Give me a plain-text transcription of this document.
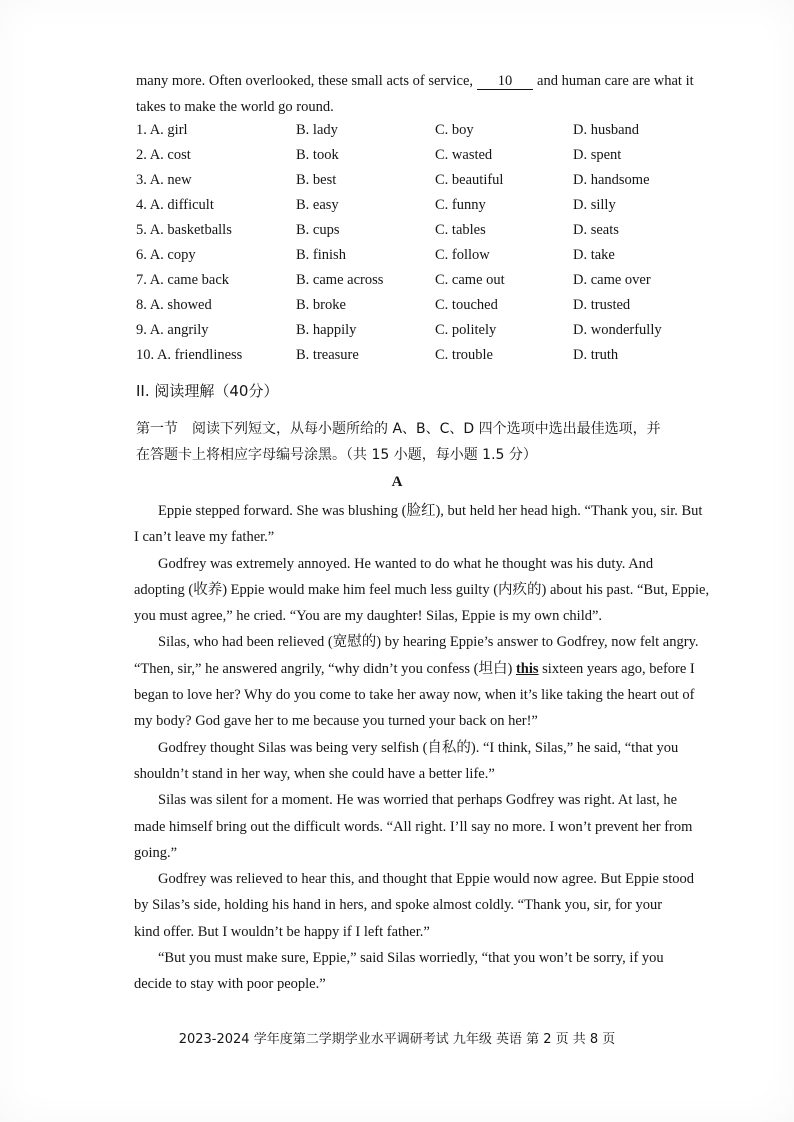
many more. Often overlooked, these small acts of service, 10 and human care are what it
takes to make the world go round.
1. A. girl	B. lady	C. boy	D. husband
2. A. cost	B. took	C. wasted	D. spent
3. A. new	B. best	C. beautiful	D. handsome
4. A. difficult	B. easy	C. funny	D. silly
5. A. basketballs	B. cups	C. tables	D. seats
6. A. copy	B. finish	C. follow	D. take
7. A. came back	B. came across	C. came out	D. came over
8. A. showed	B. broke	C. touched	D. trusted
9. A. angrily	B. happily	C. politely	D. wonderfully
10. A. friendliness	B. treasure	C. trouble	D. truth
II. 阅读理解（40分）
第一节　阅读下列短文，从每小题所给的 A、B、C、D 四个选项中选出最佳选项，并
在答题卡上将相应字母编号涂黑。（共 15 小题，每小题 1.5 分）
A
Eppie stepped forward. She was blushing (脸红), but held her head high. “Thank you, sir. But
I can’t leave my father.”
Godfrey was extremely annoyed. He wanted to do what he thought was his duty. And
adopting (收养) Eppie would make him feel much less guilty (内疚的) about his past. “But, Eppie,
you must agree,” he cried. “You are my daughter! Silas, Eppie is my own child”.
Silas, who had been relieved (宽慰的) by hearing Eppie’s answer to Godfrey, now felt angry.
“Then, sir,” he answered angrily, “why didn’t you confess (坦白) this sixteen years ago, before I
began to love her? Why do you come to take her away now, when it’s like taking the heart out of
my body? God gave her to me because you turned your back on her!”
Godfrey thought Silas was being very selfish (自私的). “I think, Silas,” he said, “that you
shouldn’t stand in her way, when she could have a better life.”
Silas was silent for a moment. He was worried that perhaps Godfrey was right. At last, he
made himself bring out the difficult words. “All right. I’ll say no more. I won’t prevent her from
going.”
Godfrey was relieved to hear this, and thought that Eppie would now agree. But Eppie stood
by Silas’s side, holding his hand in hers, and spoke almost coldly. “Thank you, sir, for your
kind offer. But I wouldn’t be happy if I left father.”
“But you must make sure, Eppie,” said Silas worriedly, “that you won’t be sorry, if you
decide to stay with poor people.”
2023-2024 学年度第二学期学业水平调研考试 九年级 英语 第 2 页 共 8 页
